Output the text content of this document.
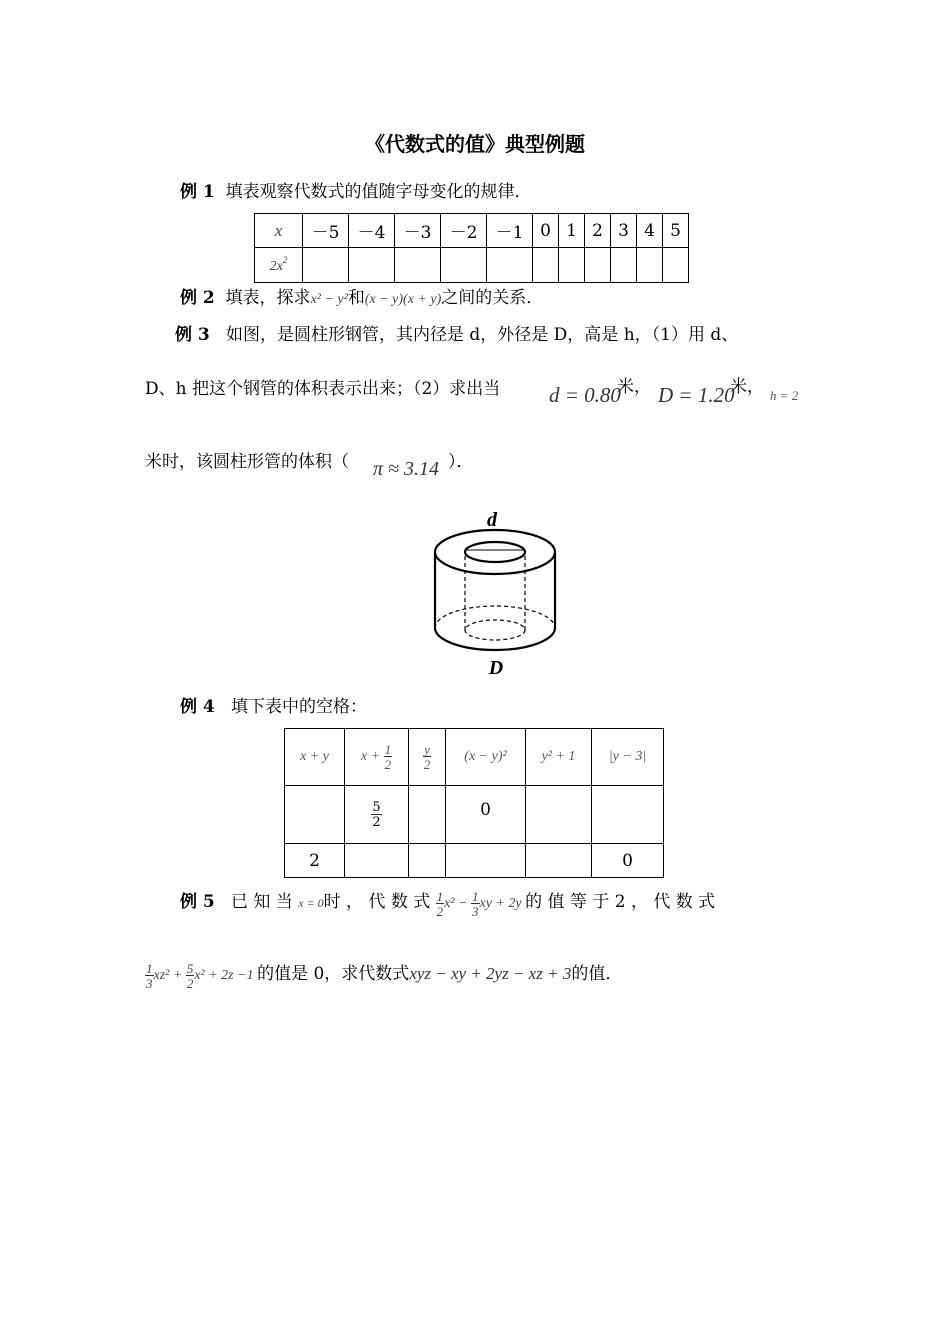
《代数式的值》典型例题
例 1 填表观察代数式的值随字母变化的规律．
x	－5	－4	－3	－2	－1	0	1	2	3	4	5
$2x^2$											
例 2 填表，探求x² − y²和(x − y)(x + y)之间的关系．
例 3 如图，是圆柱形钢管，其内径是 d，外径是 D，高是 h，（1）用 d、
D、h 把这个钢管的体积表示出来；（2）求出当 d = 0.80
米， D = 1.20
米， h = 2
米时，该圆柱形管的体积（ π ≈ 3.14 ）．
d
D
例 4 填下表中的空格：
x + y	$x + \frac{1}{2}$	$\frac{y}{2}$	(x − y)²	y² + 1	|y − 3|

	$\frac{5}{2}$		0		
2					0
例 5 已 知 当 x = 0时 ， 代 数 式 $\frac{1}{2} x^2 - \frac{1}{3}$ xy + 2y 的 值 等 于 2 ， 代 数 式
$\frac{1}{3} xz^2 + \frac{5}{2} x^2 + 2z -1$ 的值是 0，求代数式xyz − xy + 2yz − xz + 3的值．
